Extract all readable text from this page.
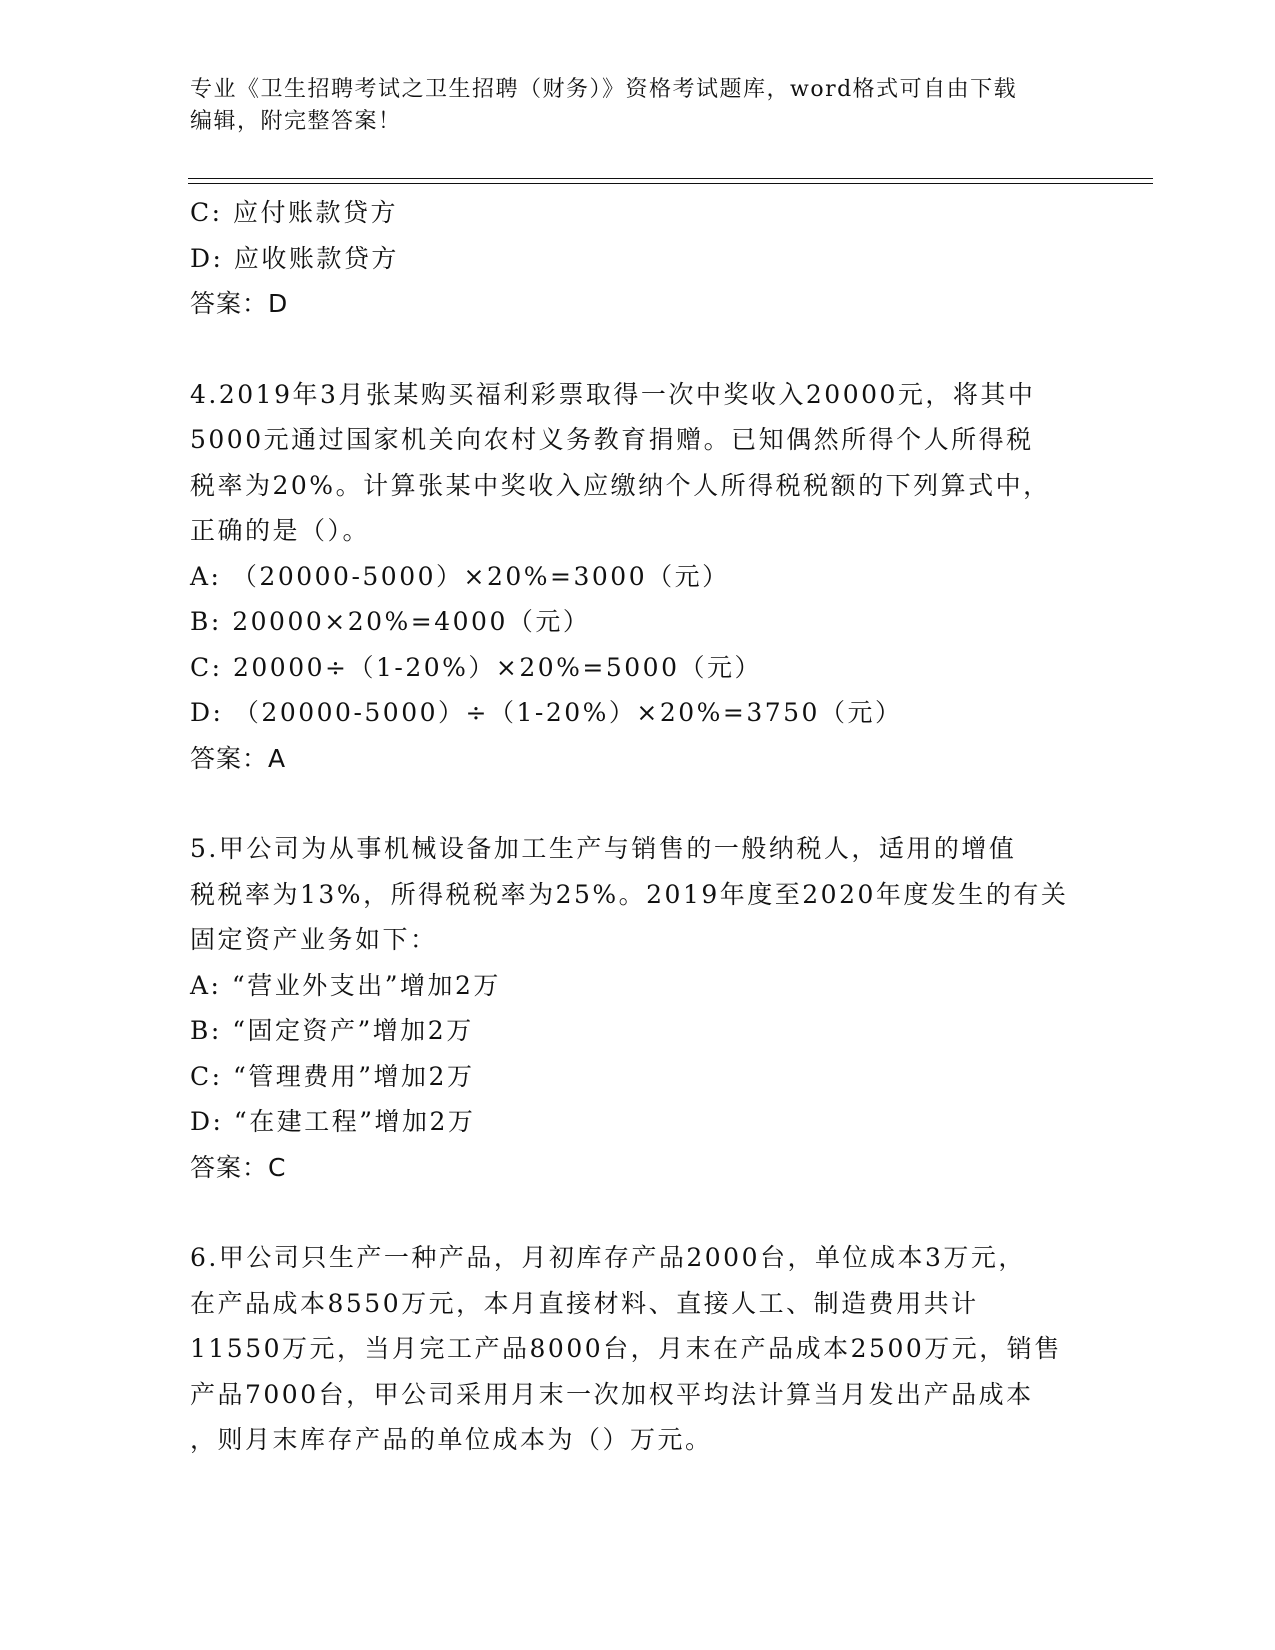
专业《卫生招聘考试之卫生招聘（财务）》资格考试题库，word格式可自由下载
编辑，附完整答案！
C: 应付账款贷方
D: 应收账款贷方
答案：D
4.2019年3月张某购买福利彩票取得一次中奖收入20000元，将其中
5000元通过国家机关向农村义务教育捐赠。已知偶然所得个人所得税
税率为20%。计算张某中奖收入应缴纳个人所得税税额的下列算式中，
正确的是（）。
A: （20000-5000）×20%=3000（元）
B: 20000×20%=4000（元）
C: 20000÷（1-20%）×20%=5000（元）
D: （20000-5000）÷（1-20%）×20%=3750（元）
答案：A
5.甲公司为从事机械设备加工生产与销售的一般纳税人，适用的增值
税税率为13%，所得税税率为25%。2019年度至2020年度发生的有关
固定资产业务如下：
A: “营业外支出”增加2万
B: “固定资产”增加2万
C: “管理费用”增加2万
D: “在建工程”增加2万
答案：C
6.甲公司只生产一种产品，月初库存产品2000台，单位成本3万元，
在产品成本8550万元，本月直接材料、直接人工、制造费用共计
11550万元，当月完工产品8000台，月末在产品成本2500万元，销售
产品7000台，甲公司采用月末一次加权平均法计算当月发出产品成本
，则月末库存产品的单位成本为（）万元。
